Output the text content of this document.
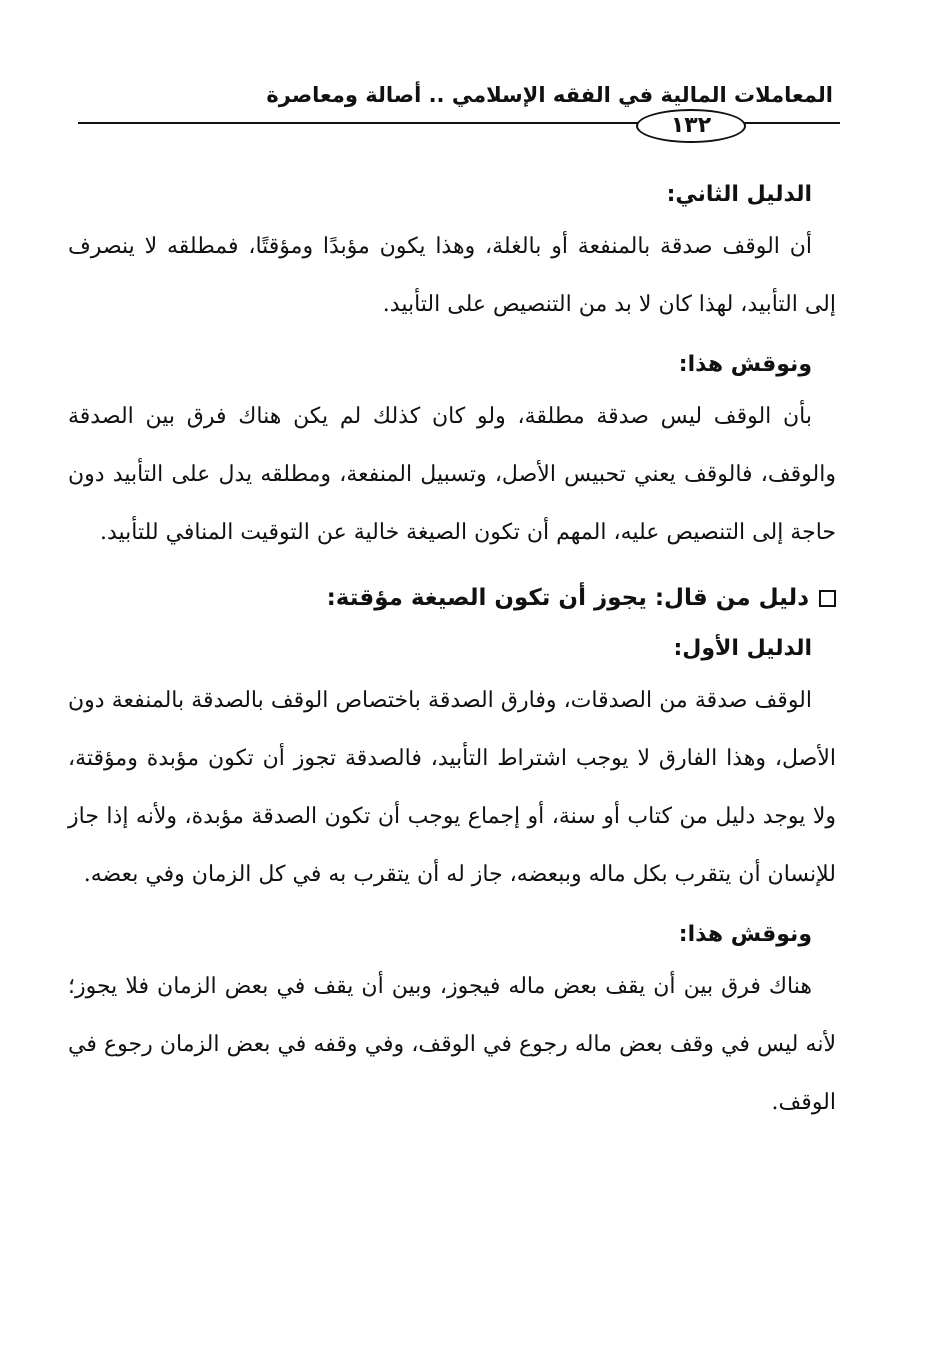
المعاملات المالية في الفقه الإسلامي .. أصالة ومعاصرة
١٣٢
الدليل الثاني:

أن الوقف صدقة بالمنفعة أو بالغلة، وهذا يكون مؤبدًا ومؤقتًا، فمطلقه لا ينصرف إلى التأبيد، لهذا كان لا بد من التنصيص على التأبيد.

ونوقش هذا:

بأن الوقف ليس صدقة مطلقة، ولو كان كذلك لم يكن هناك فرق بين الصدقة والوقف، فالوقف يعني تحبيس الأصل، وتسبيل المنفعة، ومطلقه يدل على التأبيد دون حاجة إلى التنصيص عليه، المهم أن تكون الصيغة خالية عن التوقيت المنافي للتأبيد.

دليل من قال: يجوز أن تكون الصيغة مؤقتة:
الدليل الأول:

الوقف صدقة من الصدقات، وفارق الصدقة باختصاص الوقف بالصدقة بالمنفعة دون الأصل، وهذا الفارق لا يوجب اشتراط التأبيد، فالصدقة تجوز أن تكون مؤبدة ومؤقتة، ولا يوجد دليل من كتاب أو سنة، أو إجماع يوجب أن تكون الصدقة مؤبدة، ولأنه إذا جاز للإنسان أن يتقرب بكل ماله وببعضه، جاز له أن يتقرب به في كل الزمان وفي بعضه.

ونوقش هذا:

هناك فرق بين أن يقف بعض ماله فيجوز، وبين أن يقف في بعض الزمان فلا يجوز؛ لأنه ليس في وقف بعض ماله رجوع في الوقف، وفي وقفه في بعض الزمان رجوع في الوقف.
